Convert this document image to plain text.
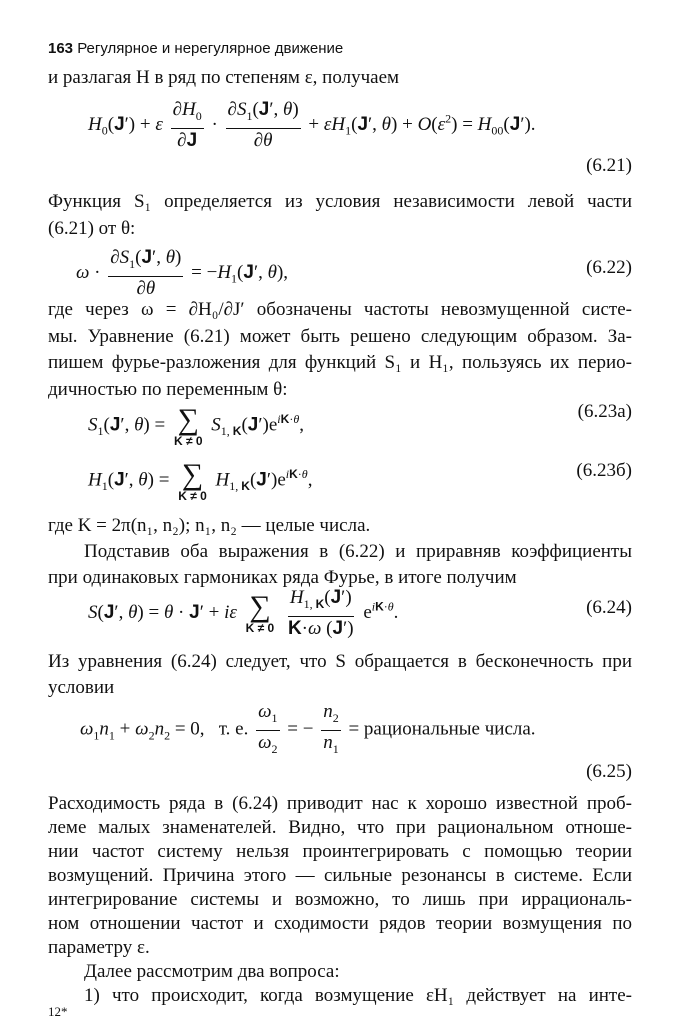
163 Регулярное и нерегулярное движение
и разлагая H в ряд по степеням ε, получаем
$H_0(J') + \varepsilon \frac{\partial H_0}{\partial J} \cdot \frac{\partial S_1(J', \theta)}{\partial\theta} + \varepsilon H_1(J'$, $\theta) + O(\varepsilon^2) = H_{00}(J')$.
(6.21)
Функция S₁ определяется из условия независимости левой части
(6.21) от θ:
$\omega \cdot \frac{\partial S_1(J', \theta)}{\partial\theta} = -H_1(J'$, θ),	(6.22)
где через ω = ∂H₀/∂J′ обозначены частоты невозмущенной систе-
мы. Уравнение (6.21) может быть решено следующим образом. За-
пишем фурье-разложения для функций S₁ и H₁, пользуясь их перио-
дичностью по переменным θ:
$S_1(J'$, θ) = ∑
K ≠ 0
$S_{1, K}(J')e^{iK\cdot\theta}$,
(6.23а)
$H_1(J'$, θ) = ∑
K ≠ 0
$H_{1, K}(J')e^{iK\cdot\theta}$,	(6.23б)
где K = 2π(n₁, n₂); n₁, n₂ — целые числа.
Подставив оба выражения в (6.22) и приравняв коэффициенты
при одинаковых гармониках ряда Фурье, в итоге получим
S(J′, θ) = θ · J′ + iε ∑
K ≠ 0
$\frac{H_{1, K}(J')}{K\cdot\omega (J')} e^{iK\cdot\theta}$.	(6.24)
Из уравнения (6.24) следует, что S обращается в бесконечность при
условии
$\omega_1n_1 + \omega_2n_2 = 0$,   т. е. $\frac{\omega_1}{\omega_2}$ = − $\frac{n_2}{n_1}$ = рациональные числа.
(6.25)
Расходимость ряда в (6.24) приводит нас к хорошо известной проб-
леме малых знаменателей. Видно, что при рациональном отноше-
нии частот систему нельзя проинтегрировать с помощью теории
возмущений. Причина этого — сильные резонансы в системе. Если
интегрирование системы и возможно, то лишь при иррациональ-
ном отношении частот и сходимости рядов теории возмущения по
параметру ε.
Далее рассмотрим два вопроса:
12*
1) что происходит, когда возмущение εH₁ действует на инте-
